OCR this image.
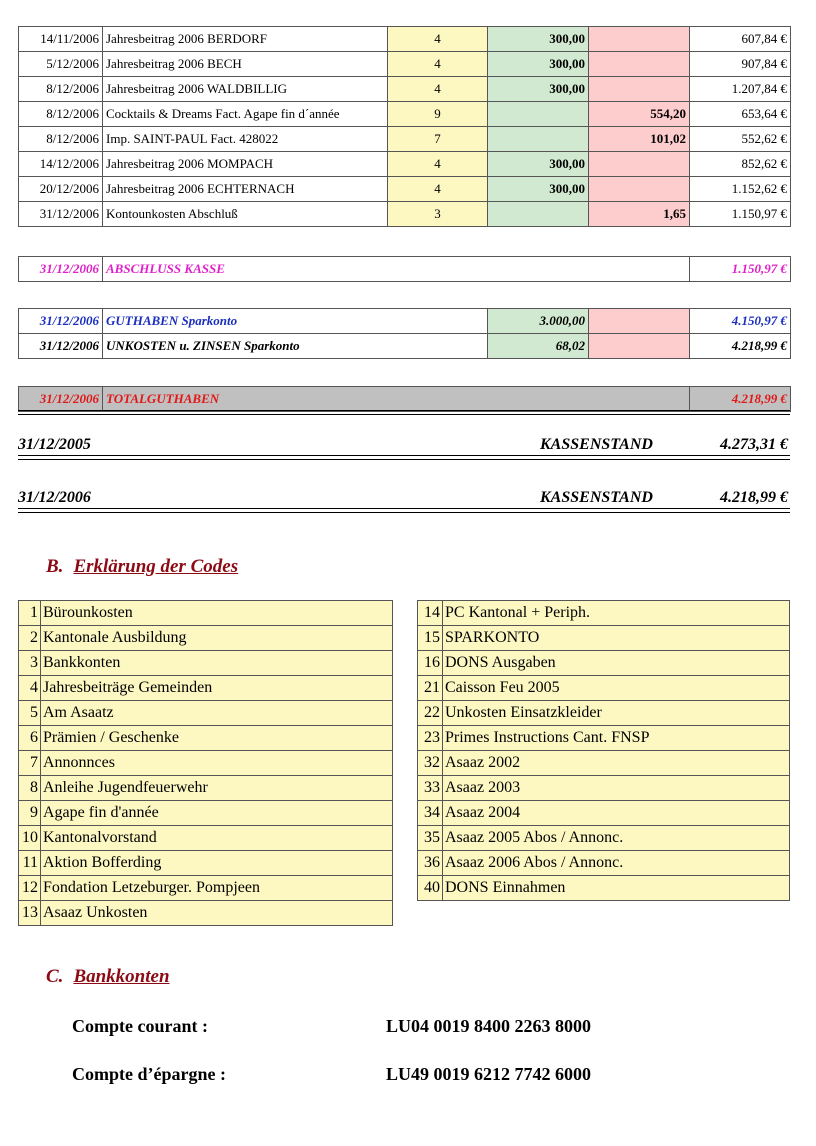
14/11/2006	Jahresbeitrag 2006 BERDORF	4	300,00		607,84 €
5/12/2006	Jahresbeitrag 2006 BECH	4	300,00		907,84 €
8/12/2006	Jahresbeitrag 2006 WALDBILLIG	4	300,00		1.207,84 €
8/12/2006	Cocktails & Dreams Fact. Agape fin d´année	9		554,20	653,64 €
8/12/2006	Imp. SAINT-PAUL Fact. 428022	7		101,02	552,62 €
14/12/2006	Jahresbeitrag 2006 MOMPACH	4	300,00		852,62 €
20/12/2006	Jahresbeitrag 2006 ECHTERNACH	4	300,00		1.152,62 €
31/12/2006	Kontounkosten Abschluß	3		1,65	1.150,97 €
31/12/2006	ABSCHLUSS KASSE	1.150,97 €
31/12/2006	GUTHABEN Sparkonto	3.000,00		4.150,97 €
31/12/2006	UNKOSTEN u. ZINSEN Sparkonto	68,02		4.218,99 €
31/12/2006	TOTALGUTHABEN	4.218,99 €
31/12/2005	KASSENSTAND	4.273,31 €
31/12/2006	KASSENSTAND	4.218,99 €
B. Erklärung der Codes
1	Bürounkosten
2	Kantonale Ausbildung
3	Bankkonten
4	Jahresbeiträge Gemeinden
5	Am Asaatz
6	Prämien / Geschenke
7	Annonnces
8	Anleihe Jugendfeuerwehr
9	Agape fin d'année
10	Kantonalvorstand
11	Aktion Bofferding
12	Fondation Letzeburger. Pompjeen
13	Asaaz Unkosten
14	PC Kantonal + Periph.
15	SPARKONTO
16	DONS Ausgaben
21	Caisson Feu 2005
22	Unkosten Einsatzkleider
23	Primes Instructions Cant. FNSP
32	Asaaz 2002
33	Asaaz 2003
34	Asaaz 2004
35	Asaaz 2005 Abos / Annonc.
36	Asaaz 2006 Abos / Annonc.
40	DONS Einnahmen
C. Bankkonten
Compte courant :	LU04 0019 8400 2263 8000
Compte d’épargne :	LU49 0019 6212 7742 6000
